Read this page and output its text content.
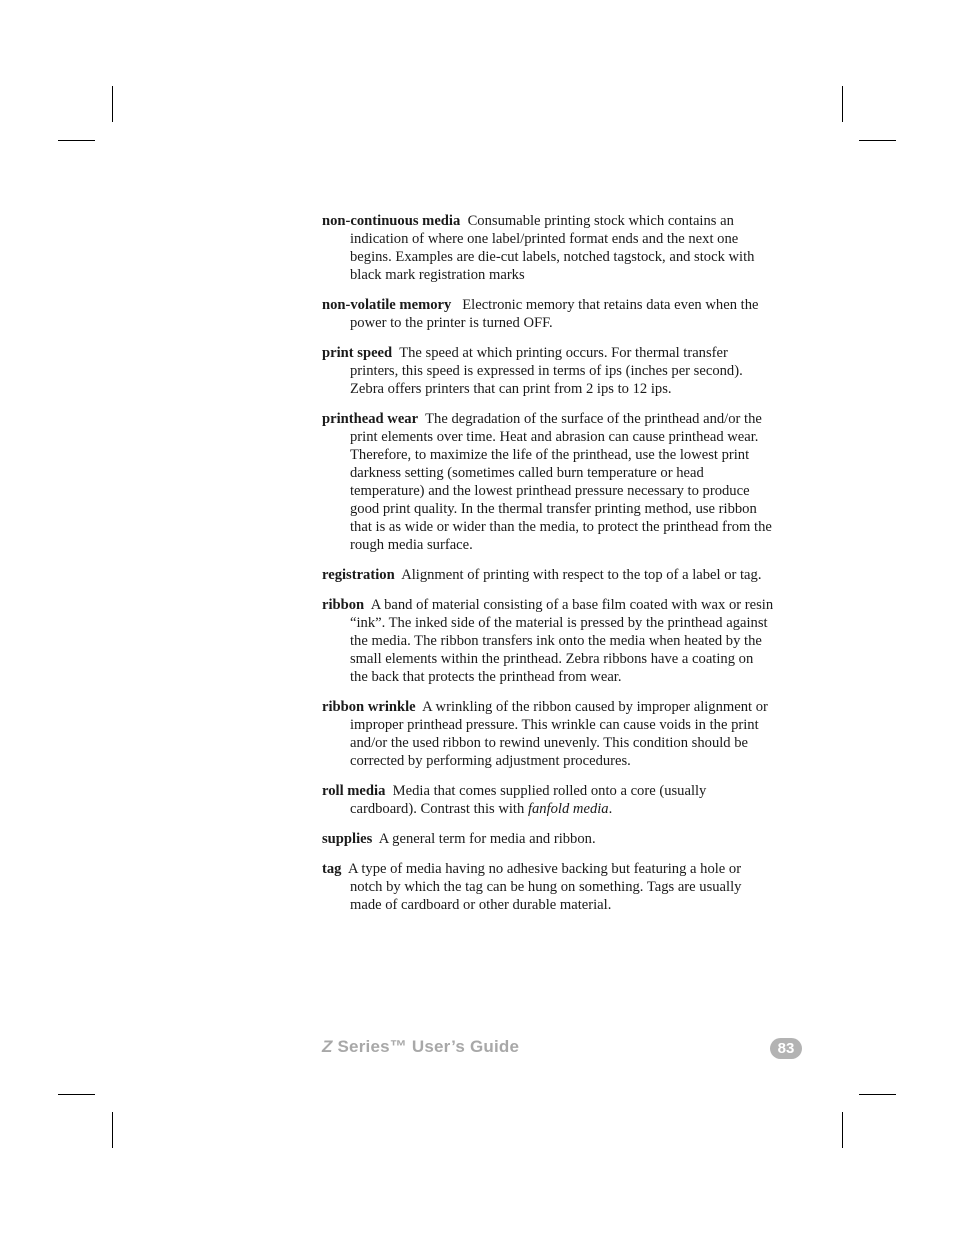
non-continuous media Consumable printing stock which contains an indication of where one label/printed format ends and the next one begins. Examples are die-cut labels, notched tagstock, and stock with black mark registration marks

non-volatile memory Electronic memory that retains data even when the power to the printer is turned OFF.

print speed The speed at which printing occurs. For thermal transfer printers, this speed is expressed in terms of ips (inches per second). Zebra offers printers that can print from 2 ips to 12 ips.

printhead wear The degradation of the surface of the printhead and/or the print elements over time. Heat and abrasion can cause printhead wear. Therefore, to maximize the life of the printhead, use the lowest print darkness setting (sometimes called burn temperature or head temperature) and the lowest printhead pressure necessary to produce good print quality. In the thermal transfer printing method, use ribbon that is as wide or wider than the media, to protect the printhead from the rough media surface.

registration Alignment of printing with respect to the top of a label or tag.

ribbon A band of material consisting of a base film coated with wax or resin “ink”. The inked side of the material is pressed by the printhead against the media. The ribbon transfers ink onto the media when heated by the small elements within the printhead. Zebra ribbons have a coating on the back that protects the printhead from wear.

ribbon wrinkle A wrinkling of the ribbon caused by improper alignment or improper printhead pressure. This wrinkle can cause voids in the print and/or the used ribbon to rewind unevenly. This condition should be corrected by performing adjustment procedures.

roll media Media that comes supplied rolled onto a core (usually cardboard). Contrast this with fanfold media.

supplies A general term for media and ribbon.

tag A type of media having no adhesive backing but featuring a hole or notch by which the tag can be hung on something. Tags are usually made of cardboard or other durable material.

Z Series™ User’s Guide	83
